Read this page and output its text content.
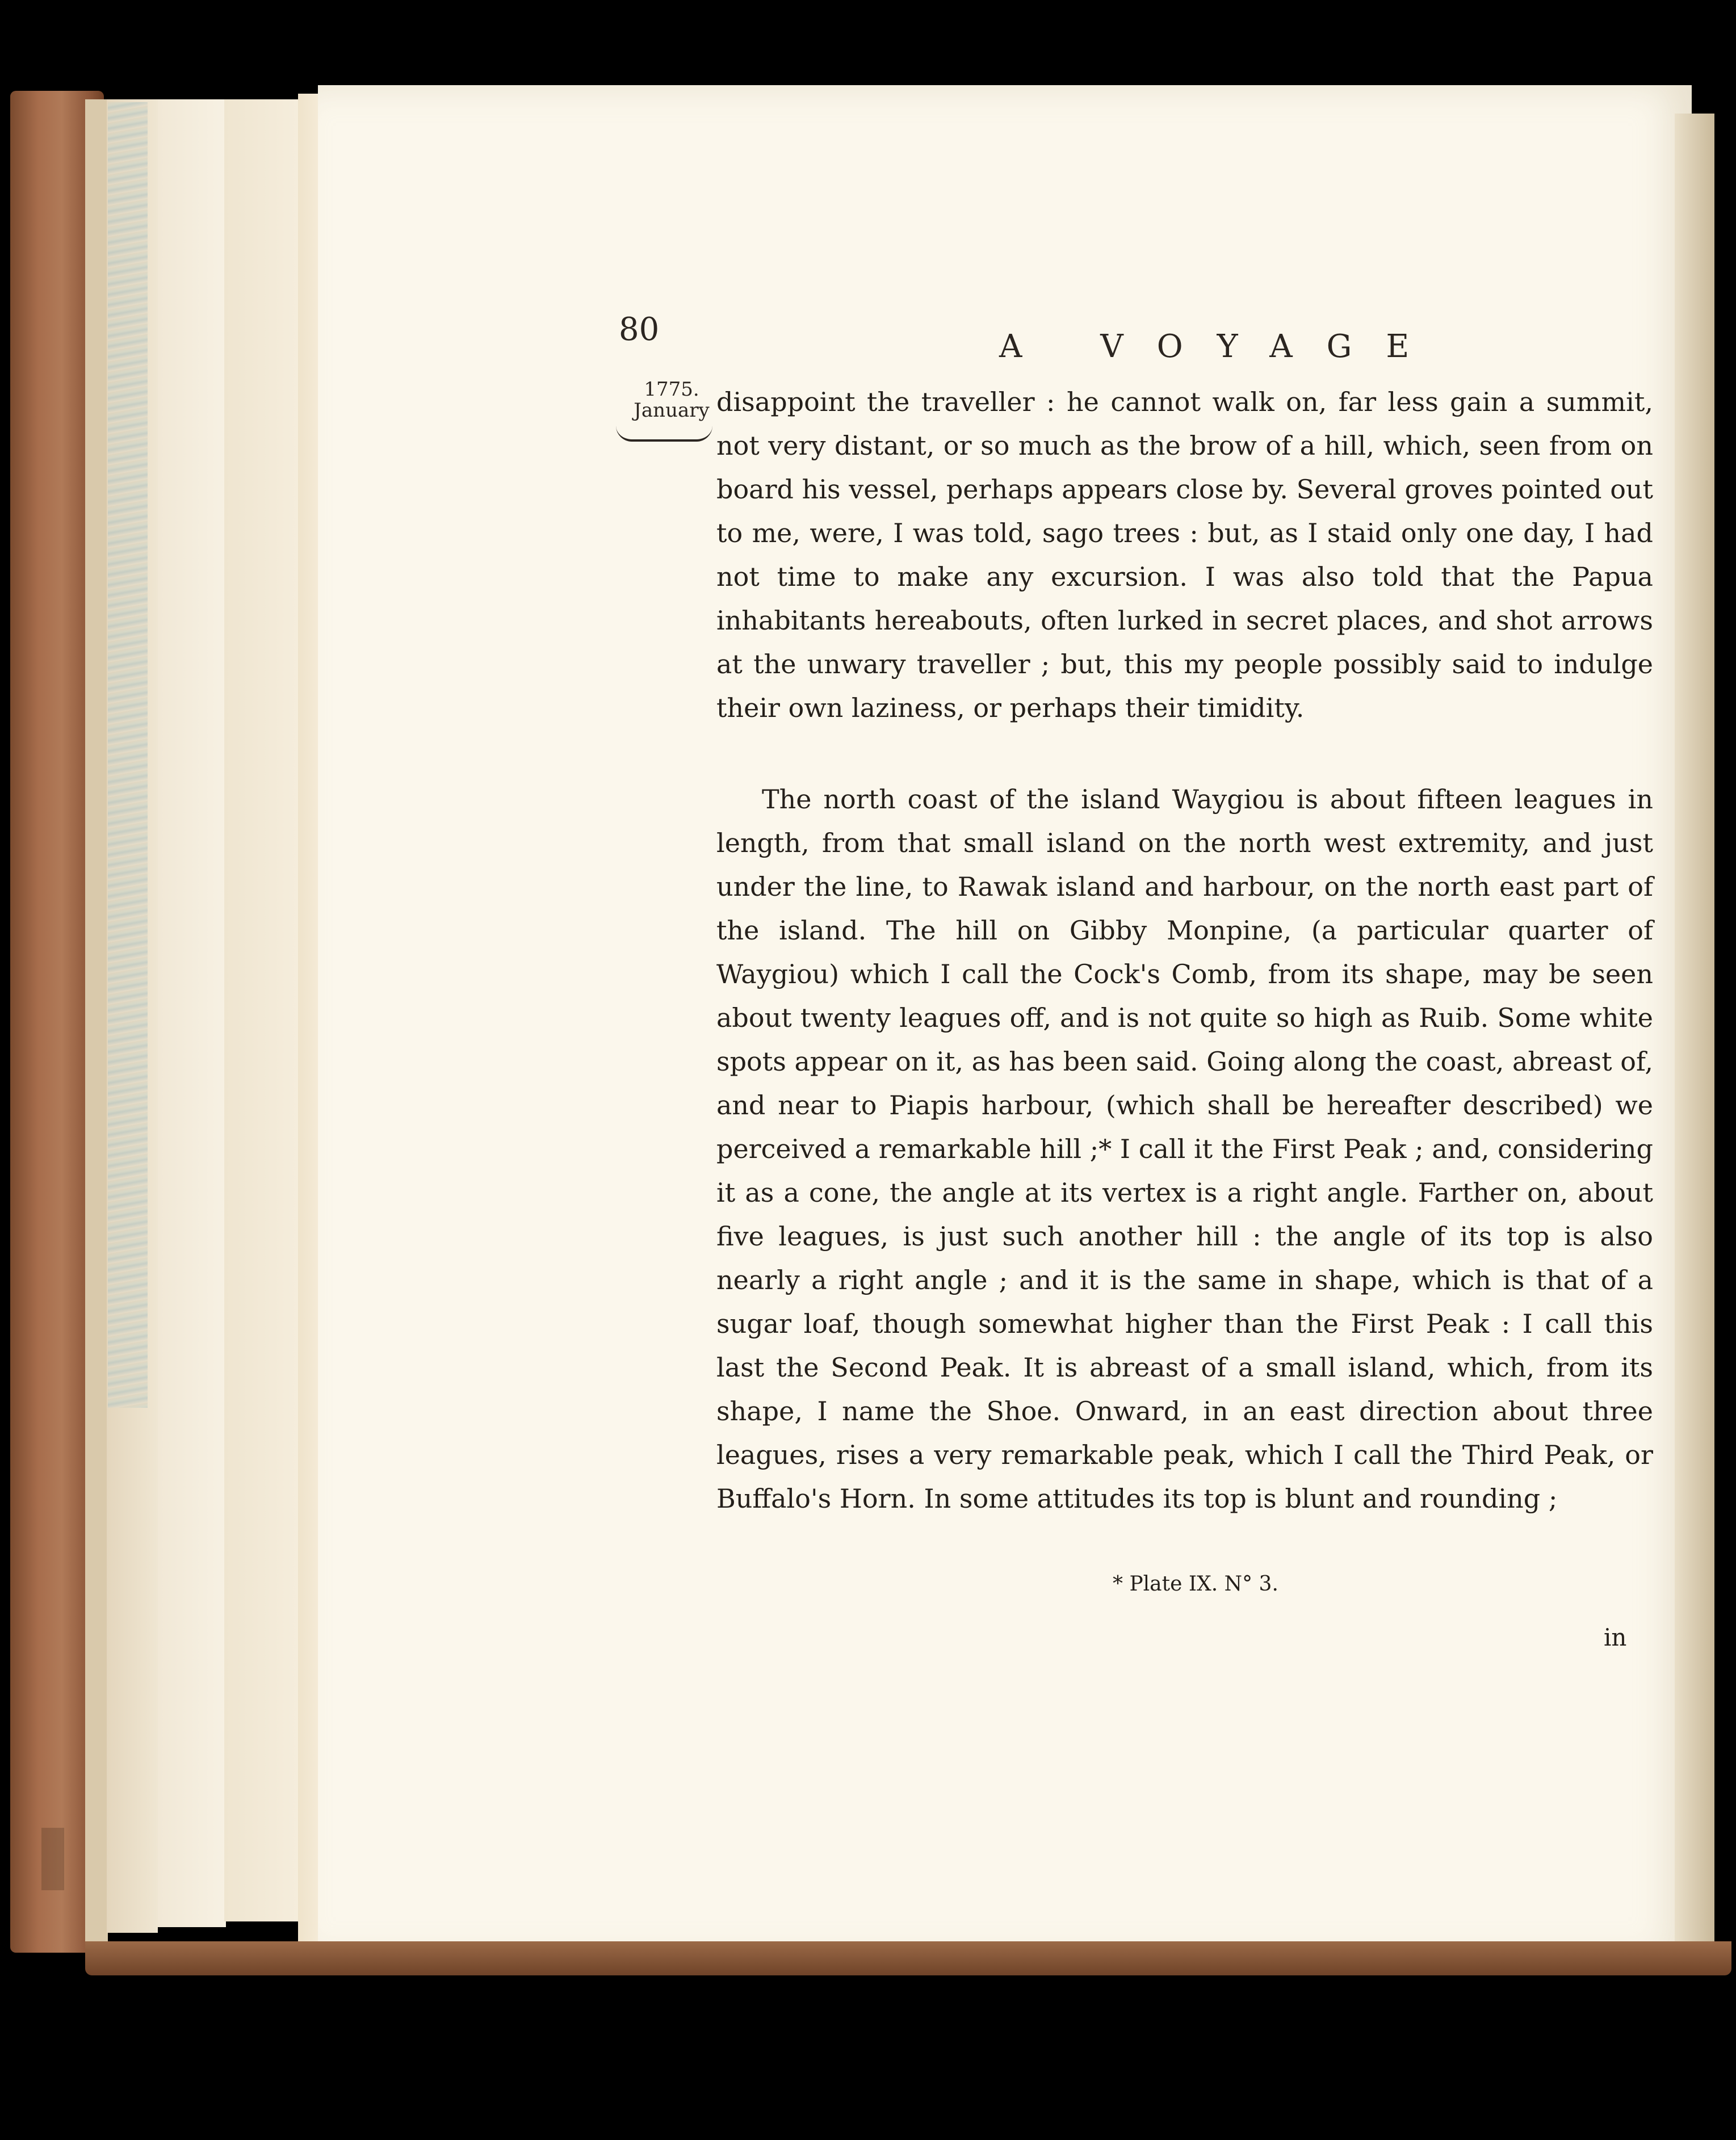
80	A VOYAGE
1775.
January disappoint the traveller : he cannot walk on, far less gain a summit, not very distant, or so much as the brow of a hill, which, seen from on board his vessel, perhaps appears close by. Several groves pointed out to me, were, I was told, sago trees : but, as I staid only one day, I had not time to make any excursion. I was also told that the Papua inhabitants hereabouts, often lurked in secret places, and shot arrows at the unwary traveller ; but, this my people possibly said to indulge their own laziness, or perhaps their timidity.

The north coast of the island Waygiou is about fifteen leagues in length, from that small island on the north west extremity, and just under the line, to Rawak island and harbour, on the north east part of the island. The hill on Gibby Monpine, (a particular quarter of Waygiou) which I call the Cock's Comb, from its shape, may be seen about twenty leagues off, and is not quite so high as Ruib. Some white spots appear on it, as has been said. Going along the coast, abreast of, and near to Piapis harbour, (which shall be hereafter described) we perceived a remarkable hill ;* I call it the First Peak ; and, considering it as a cone, the angle at its vertex is a right angle. Farther on, about five leagues, is just such another hill : the angle of its top is also nearly a right angle ; and it is the same in shape, which is that of a sugar loaf, though somewhat higher than the First Peak : I call this last the Second Peak. It is abreast of a small island, which, from its shape, I name the Shoe. Onward, in an east direction about three leagues, rises a very remarkable peak, which I call the Third Peak, or Buffalo's Horn. In some attitudes its top is blunt and rounding ;
* Plate IX. N° 3.
in
